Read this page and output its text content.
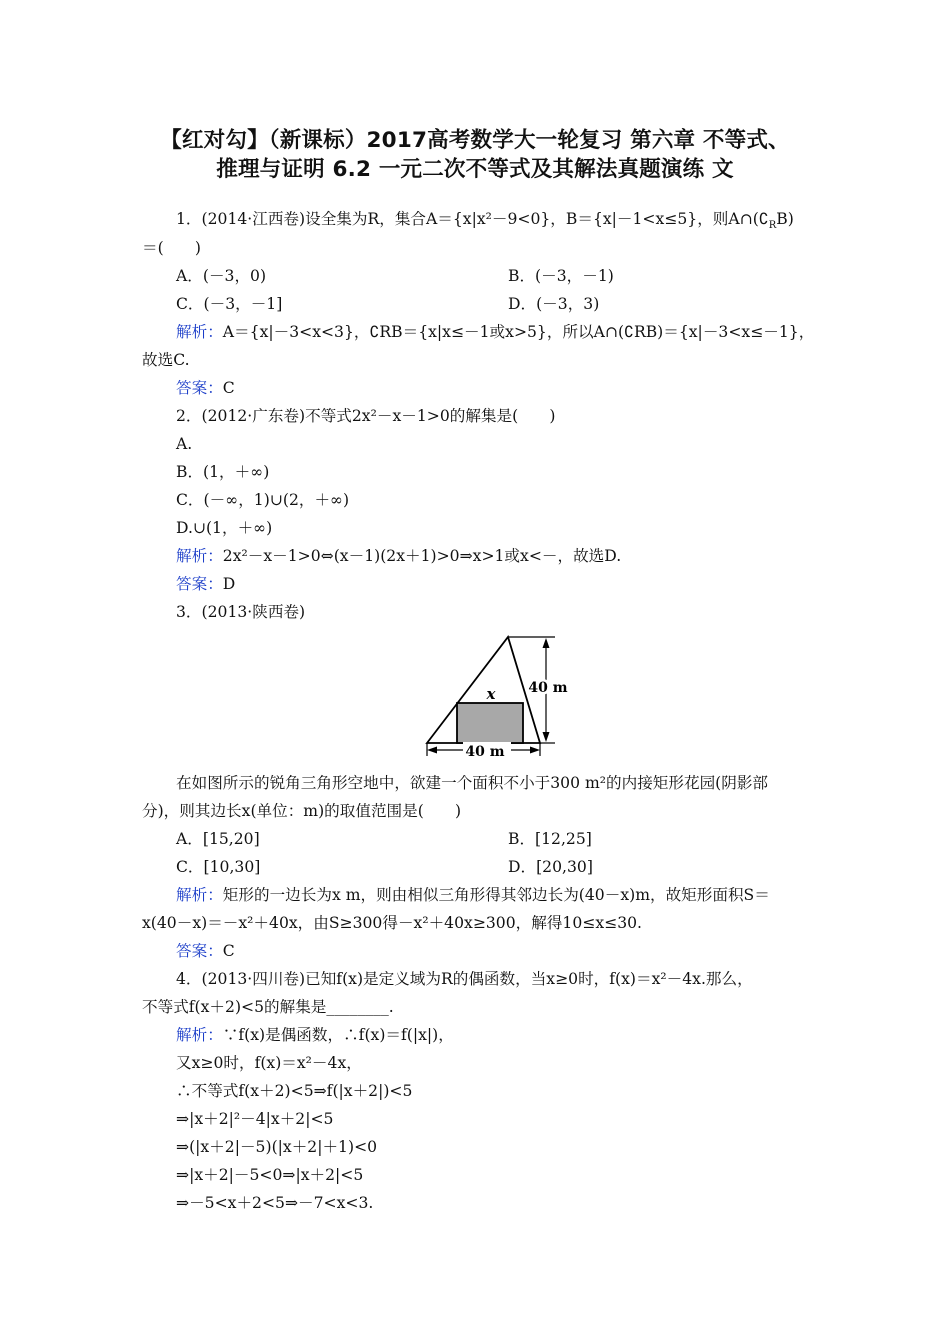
【红对勾】（新课标）2017高考数学大一轮复习 第六章 不等式、
推理与证明 6.2 一元二次不等式及其解法真题演练 文
1．(2014·江西卷)设全集为R，集合A＝{x|x²－9<0}，B＝{x|－1<x≤5}，则$A\cap(∁_RB)$
＝(　　)
A．(－3，0)	B．(－3，－1)
C．(－3，－1]	D．(－3，3)
解析：A＝{x|－3<x<3}，∁RB＝{x|x≤－1或x>5}，所以A∩(∁RB)＝{x|－3<x≤－1}，
故选C.
答案：C
2．(2012·广东卷)不等式2x²－x－1>0的解集是(　　)
A.
B．(1，＋∞)
C．(－∞，1)∪(2，＋∞)
D.∪(1，＋∞)
解析：2x²－x－1>0⇔(x－1)(2x＋1)>0⇒x>1或x<－，故选D.
答案：D
3．(2013·陕西卷)
x 40 m
40 m
在如图所示的锐角三角形空地中，欲建一个面积不小于300 m²的内接矩形花园(阴影部
分)，则其边长x(单位：m)的取值范围是(　　)
A．[15,20]	B．[12,25]
C．[10,30]	D．[20,30]
解析：矩形的一边长为x m，则由相似三角形得其邻边长为(40－x)m，故矩形面积S＝
x(40－x)＝－x²＋40x，由S≥300得－x²＋40x≥300，解得10≤x≤30.
答案：C
4．(2013·四川卷)已知f(x)是定义域为R的偶函数，当x≥0时，f(x)＝x²－4x.那么，
不等式f(x＋2)<5的解集是________.
解析：∵f(x)是偶函数，∴f(x)＝f(|x|)，
又x≥0时，f(x)＝x²－4x，
∴不等式f(x＋2)<5⇒f(|x＋2|)<5
⇒|x＋2|²－4|x＋2|<5
⇒(|x＋2|－5)(|x＋2|＋1)<0
⇒|x＋2|－5<0⇒|x＋2|<5
⇒－5<x＋2<5⇒－7<x<3.
